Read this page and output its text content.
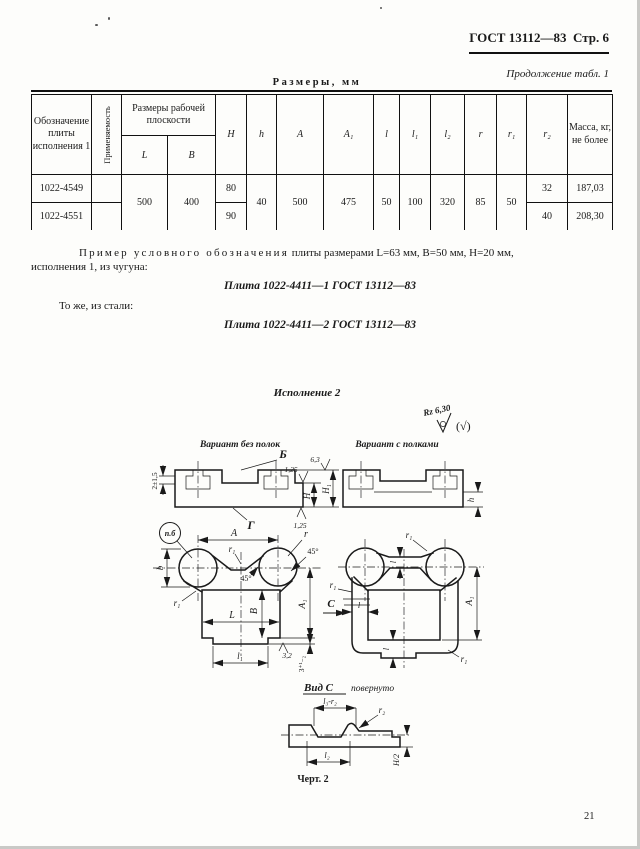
ГОСТ 13112—83  Стр. 6
Продолжение табл. 1
Размеры, мм
Обозначение плиты исполнения 1	Применяемость	Размеры рабочей плоскости		H	h	A	A₁	l	l₁	l₂	r	r₁	r₂	Масса, кг, не более
		L	B											
1022-4549		500	400	80	40	500	475	50	100	320	85	50	32	187,03
1022-4551				90									40	208,30
Пример условного обозначения плиты размерами L=63 мм, В=50 мм, Н=20 мм,
исполнения 1, из чугуна:
Плита 1022-4411—1 ГОСТ 13112—83
То же, из стали:
Плита 1022-4411—2 ГОСТ 13112—83
Исполнение 2
Rz 6,30
(√)
Вариант без полок	Вариант с полками
Б
Г
2±1,5
H
H₁
6,3
1,25
1,25
h
п.б	A	r
45°
45°
r₁
r₁
b
L B
A₁
3⁺¹₋₂
l₁	3,2
l
r₁
l
l
A₁
r₁
r₁
C
Вид С повернуто
l₃-r₂
r₂
l₂	H/2
Черт. 2
21
